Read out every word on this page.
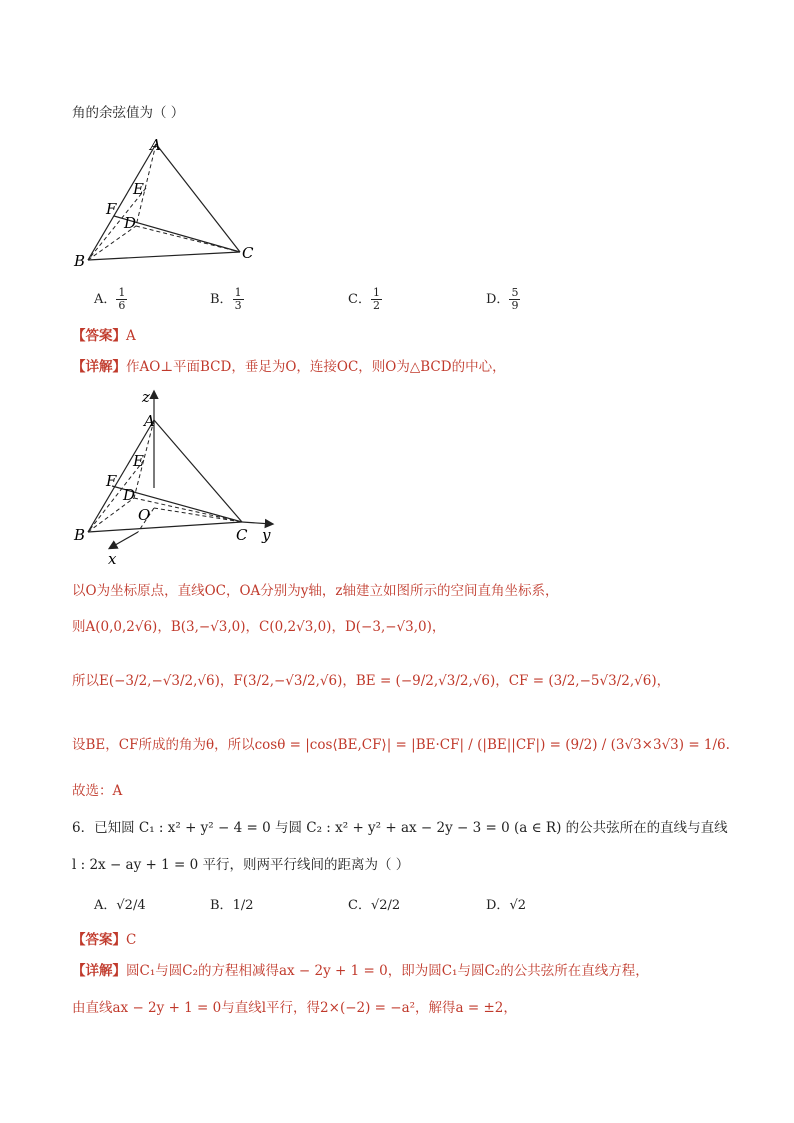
角的余弦值为（ ）
A
E
F
D
B	C
A． $\frac{1}{6}$	B． $\frac{1}{3}$	C． $\frac{1}{2}$	D． $\frac{5}{9}$
【答案】A
【详解】作AO⊥平面BCD，垂足为O，连接OC，则O为△BCD的中心，
z
A
E
F
D
O
B	C y
x
以O为坐标原点，直线OC，OA分别为y轴，z轴建立如图所示的空间直角坐标系，
则A(0,0,2√6)，B(3,−√3,0)，C(0,2√3,0)，D(−3,−√3,0)，
所以E(−3/2,−√3/2,√6)，F(3/2,−√3/2,√6)，BE = (−9/2,√3/2,√6)，CF = (3/2,−5√3/2,√6)，
设BE，CF所成的角为θ，所以cosθ = |cos⟨BE,CF⟩| = |BE·CF| / (|BE||CF|) = (9/2) / (3√3×3√3) = 1/6.
故选：A
6．已知圆 C₁ : x² + y² − 4 = 0 与圆 C₂ : x² + y² + ax − 2y − 3 = 0 (a ∈ R) 的公共弦所在的直线与直线
l : 2x − ay + 1 = 0 平行，则两平行线间的距离为（ ）
A．√2/4	B．1/2	C．√2/2	D．√2
【答案】C
【详解】圆C₁与圆C₂的方程相减得ax − 2y + 1 = 0，即为圆C₁与圆C₂的公共弦所在直线方程，
由直线ax − 2y + 1 = 0与直线l平行，得2×(−2) = −a²，解得a = ±2，
